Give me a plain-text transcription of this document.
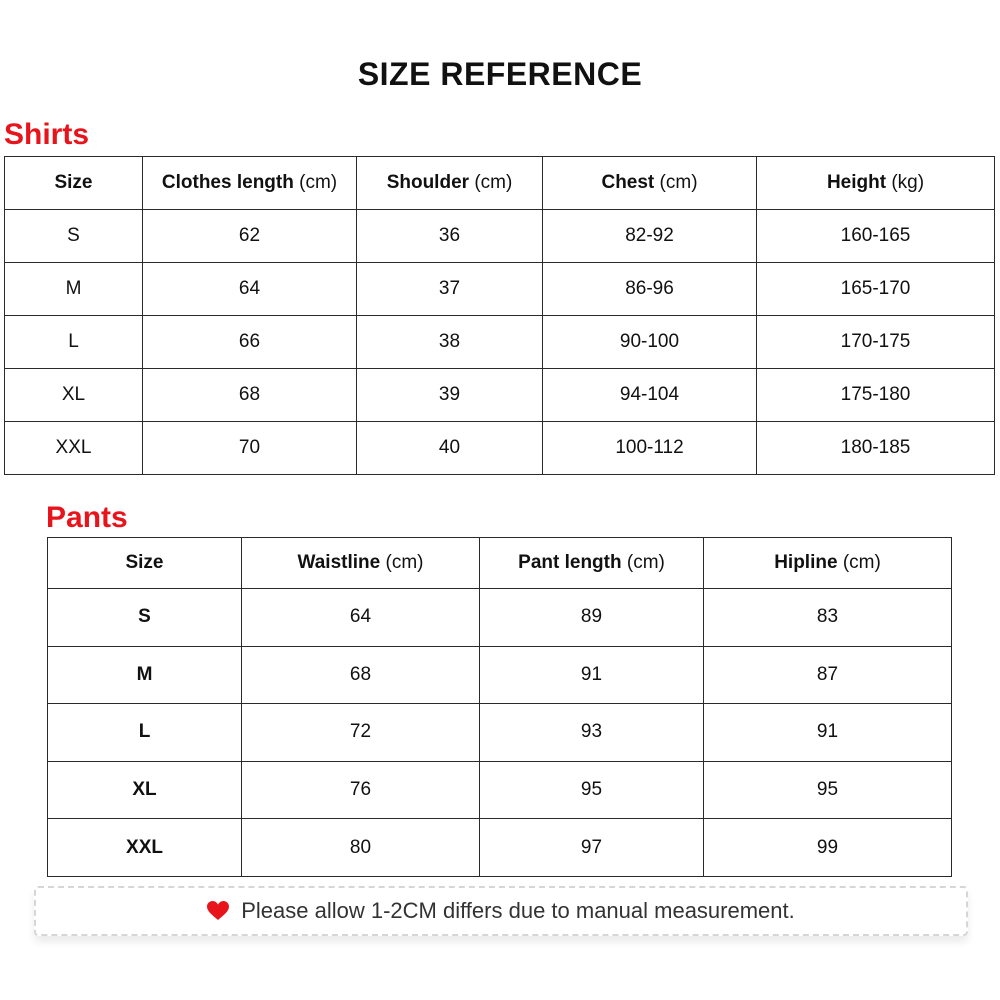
SIZE REFERENCE
Shirts
Size	Clothes length (cm)	Shoulder (cm)	Chest (cm)	Height (kg)
S	62	36	82-92	160-165
M	64	37	86-96	165-170
L	66	38	90-100	170-175
XL	68	39	94-104	175-180
XXL	70	40	100-112	180-185
Pants
Size	Waistline (cm)	Pant length (cm)	Hipline (cm)
S	64	89	83
M	68	91	87
L	72	93	91
XL	76	95	95
XXL	80	97	99
Please allow 1-2CM differs due to manual measurement.
